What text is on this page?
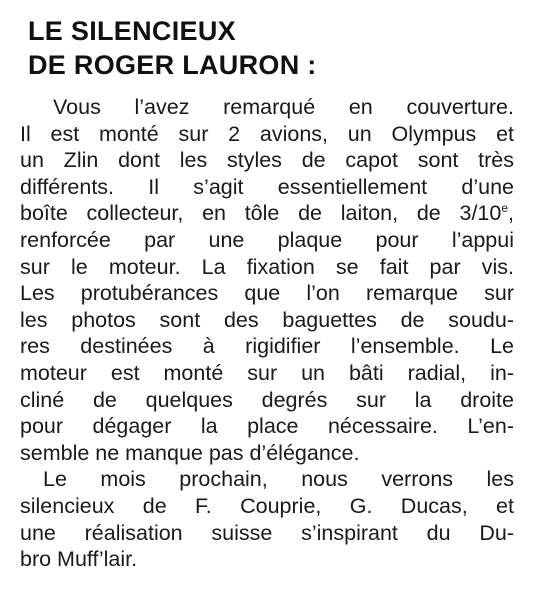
LE SILENCIEUX
DE ROGER LAURON :
Vous l’avez remarqué en couverture.
Il est monté sur 2 avions, un Olympus et
un Zlin dont les styles de capot sont très
différents. Il s’agit essentiellement d’une
boîte collecteur, en tôle de laiton, de 3/10e,
renforcée par une plaque pour l’appui
sur le moteur. La fixation se fait par vis.
Les protubérances que l’on remarque sur
les photos sont des baguettes de soudu-
res destinées à rigidifier l’ensemble. Le
moteur est monté sur un bâti radial, in-
cliné de quelques degrés sur la droite
pour dégager la place nécessaire. L’en-
semble ne manque pas d’élégance.
Le mois prochain, nous verrons les
silencieux de F. Couprie, G. Ducas, et
une réalisation suisse s’inspirant du Du-
bro Muff’lair.
